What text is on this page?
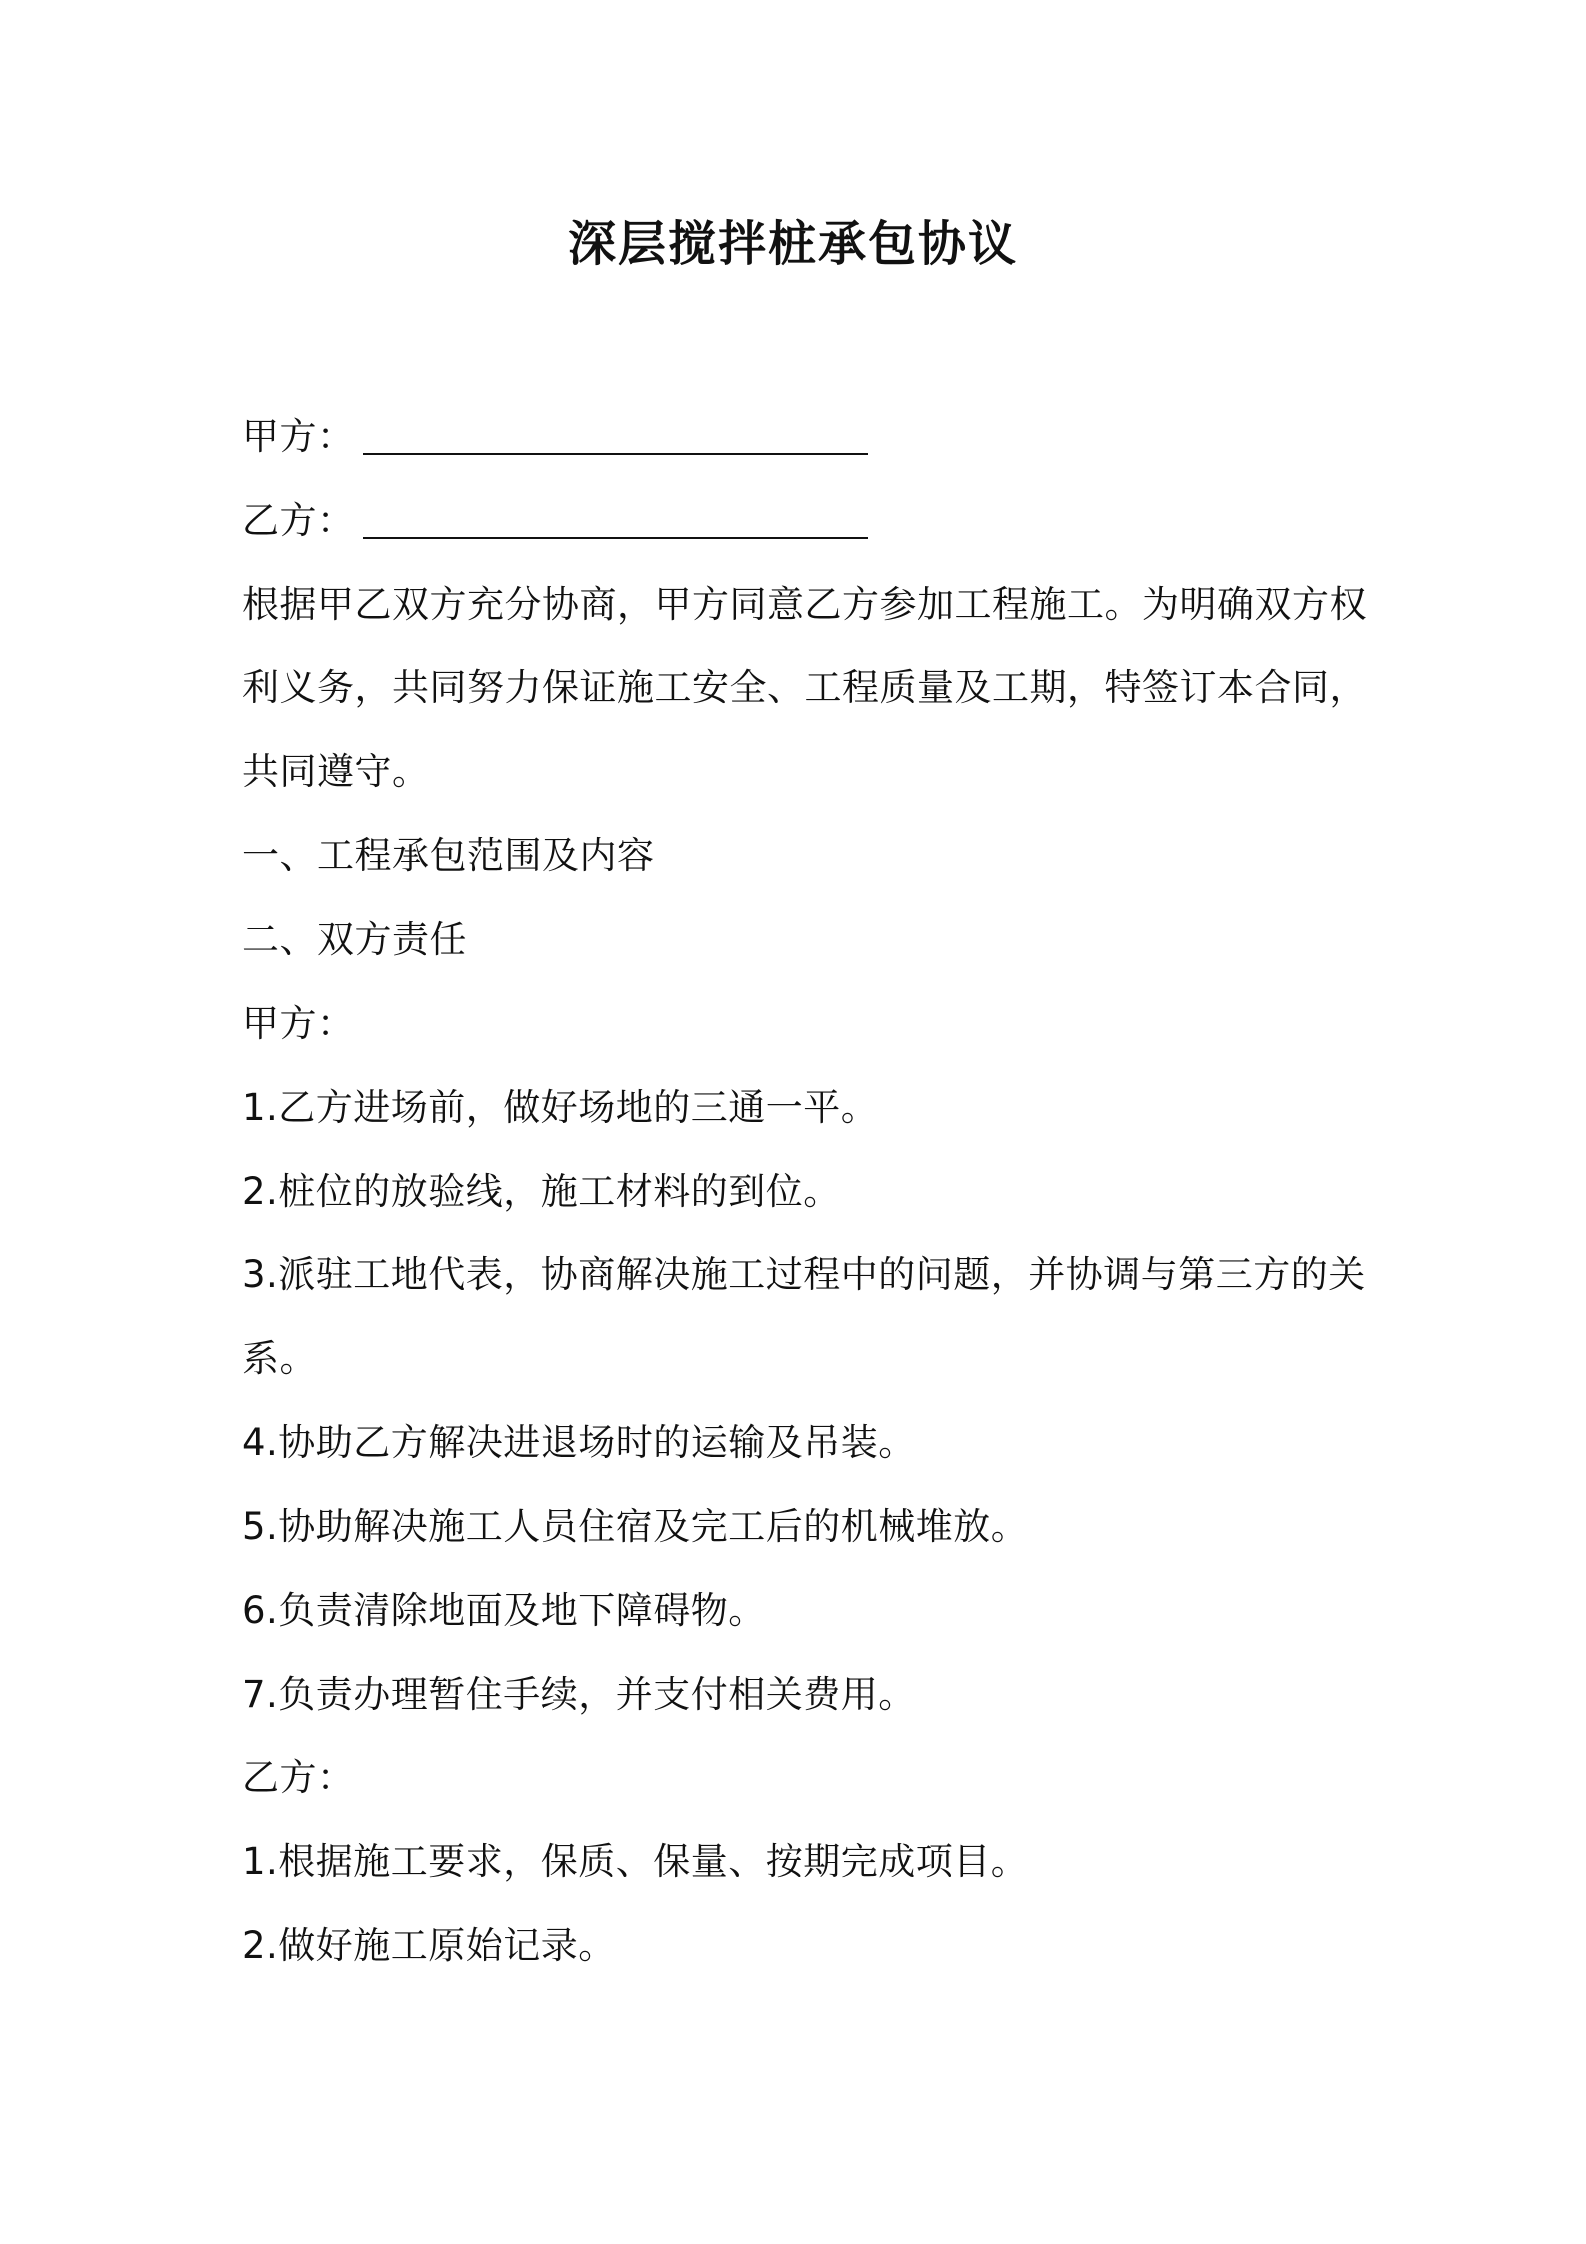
深层搅拌桩承包协议
甲方：
乙方：
根据甲乙双方充分协商，甲方同意乙方参加工程施工。为明确双方权
利义务，共同努力保证施工安全、工程质量及工期，特签订本合同，
共同遵守。
一、工程承包范围及内容
二、双方责任
甲方：
1.乙方进场前，做好场地的三通一平。
2.桩位的放验线，施工材料的到位。
3.派驻工地代表，协商解决施工过程中的问题，并协调与第三方的关
系。
4.协助乙方解决进退场时的运输及吊装。
5.协助解决施工人员住宿及完工后的机械堆放。
6.负责清除地面及地下障碍物。
7.负责办理暂住手续，并支付相关费用。
乙方：
1.根据施工要求，保质、保量、按期完成项目。
2.做好施工原始记录。
